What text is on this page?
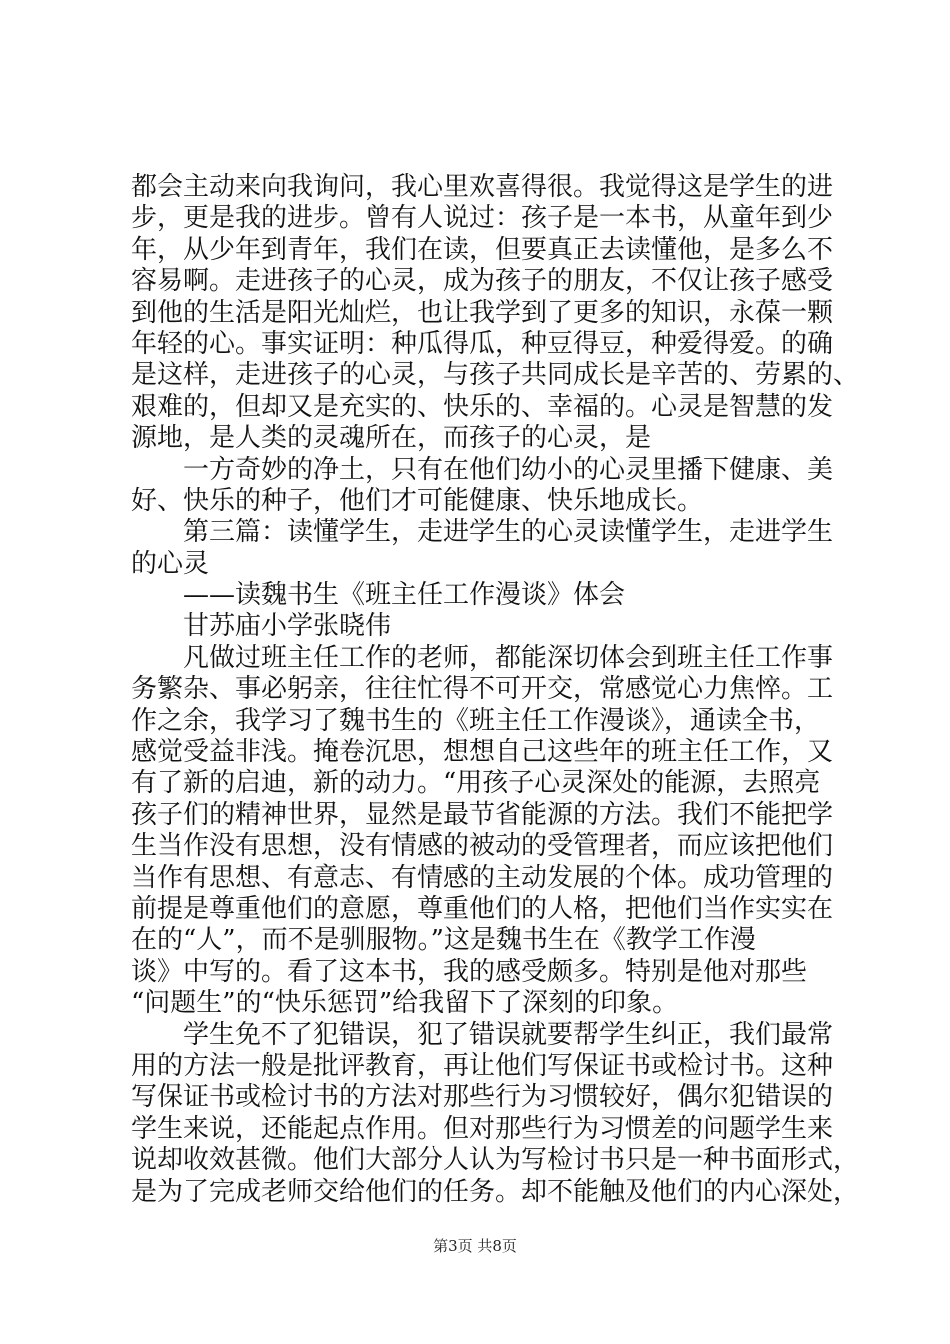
都会主动来向我询问，我心里欢喜得很。我觉得这是学生的进
步，更是我的进步。曾有人说过：孩子是一本书，从童年到少
年，从少年到青年，我们在读，但要真正去读懂他，是多么不
容易啊。走进孩子的心灵，成为孩子的朋友，不仅让孩子感受
到他的生活是阳光灿烂，也让我学到了更多的知识，永葆一颗
年轻的心。事实证明：种瓜得瓜，种豆得豆，种爱得爱。的确
是这样，走进孩子的心灵，与孩子共同成长是辛苦的、劳累的、
艰难的，但却又是充实的、快乐的、幸福的。心灵是智慧的发
源地，是人类的灵魂所在，而孩子的心灵，是
　　一方奇妙的净土，只有在他们幼小的心灵里播下健康、美
好、快乐的种子，他们才可能健康、快乐地成长。
　　第三篇：读懂学生，走进学生的心灵读懂学生，走进学生
的心灵
　　——读魏书生《班主任工作漫谈》体会
　　甘苏庙小学张晓伟
　　凡做过班主任工作的老师，都能深切体会到班主任工作事
务繁杂、事必躬亲，往往忙得不可开交，常感觉心力焦悴。工
作之余，我学习了魏书生的《班主任工作漫谈》，通读全书，
感觉受益非浅。掩卷沉思，想想自己这些年的班主任工作，又
有了新的启迪，新的动力。“用孩子心灵深处的能源，去照亮
孩子们的精神世界，显然是最节省能源的方法。我们不能把学
生当作没有思想，没有情感的被动的受管理者，而应该把他们
当作有思想、有意志、有情感的主动发展的个体。成功管理的
前提是尊重他们的意愿，尊重他们的人格，把他们当作实实在
在的“人”，而不是驯服物。”这是魏书生在《教学工作漫
谈》中写的。看了这本书，我的感受颇多。特别是他对那些
“问题生”的“快乐惩罚”给我留下了深刻的印象。
　　学生免不了犯错误，犯了错误就要帮学生纠正，我们最常
用的方法一般是批评教育，再让他们写保证书或检讨书。这种
写保证书或检讨书的方法对那些行为习惯较好，偶尔犯错误的
学生来说，还能起点作用。但对那些行为习惯差的问题学生来
说却收效甚微。他们大部分人认为写检讨书只是一种书面形式，
是为了完成老师交给他们的任务。却不能触及他们的内心深处，
第3页 共8页
